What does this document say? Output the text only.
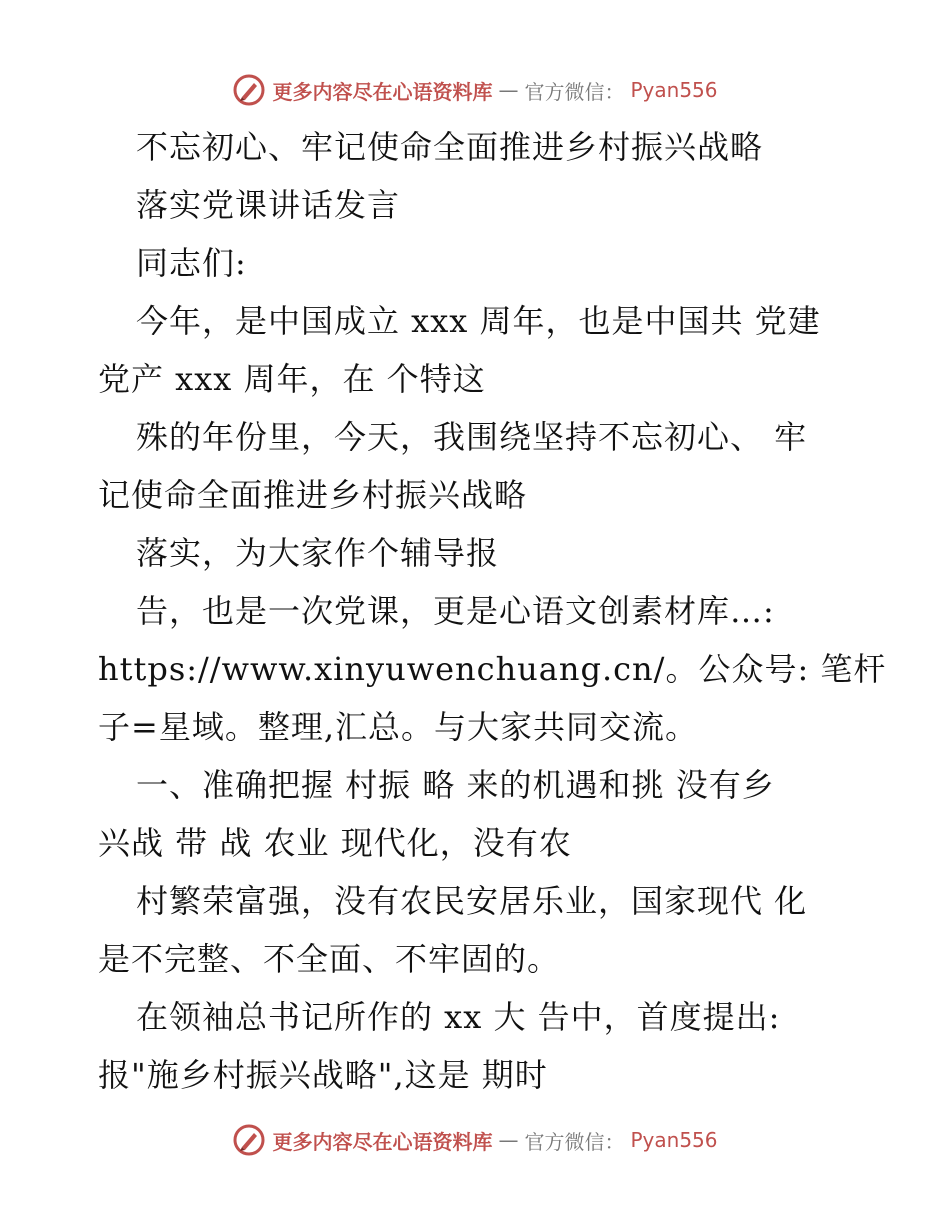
更多内容尽在心语资料库 — 官方微信： Pyan556
不忘初心、牢记使命全面推进乡村振兴战略
落实党课讲话发言
同志们:
今年，是中国成立 xxx 周年，也是中国共 党建
党产 xxx 周年，在 个特这
殊的年份里，今天，我围绕坚持不忘初心、 牢
记使命全面推进乡村振兴战略
落实，为大家作个辅导报
告，也是一次党课，更是心语文创素材库…:
https://www.xinyuwenchuang.cn/。公众号: 笔杆
子=星域。整理,汇总。与大家共同交流。
一、准确把握 村振 略 来的机遇和挑 没有乡
兴战 带 战 农业 现代化，没有农
村繁荣富强，没有农民安居乐业，国家现代 化
是不完整、不全面、不牢固的。
在领袖总书记所作的 xx 大 告中，首度提出:
报"施乡村振兴战略",这是 期时
更多内容尽在心语资料库 — 官方微信： Pyan556
